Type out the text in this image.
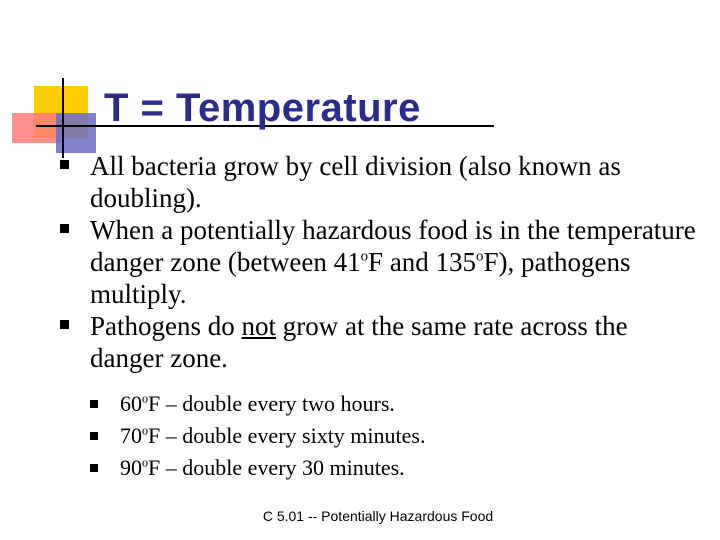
T = Temperature
All bacteria grow by cell division (also known as doubling).
When a potentially hazardous food is in the temperature danger zone (between 41$^o$F and 135$^o$F), pathogens multiply.
Pathogens do not grow at the same rate across the danger zone.
60$^o$F – double every two hours.
70$^o$F – double every sixty minutes.
90$^o$F – double every 30 minutes.
C 5.01 -- Potentially Hazardous Food
